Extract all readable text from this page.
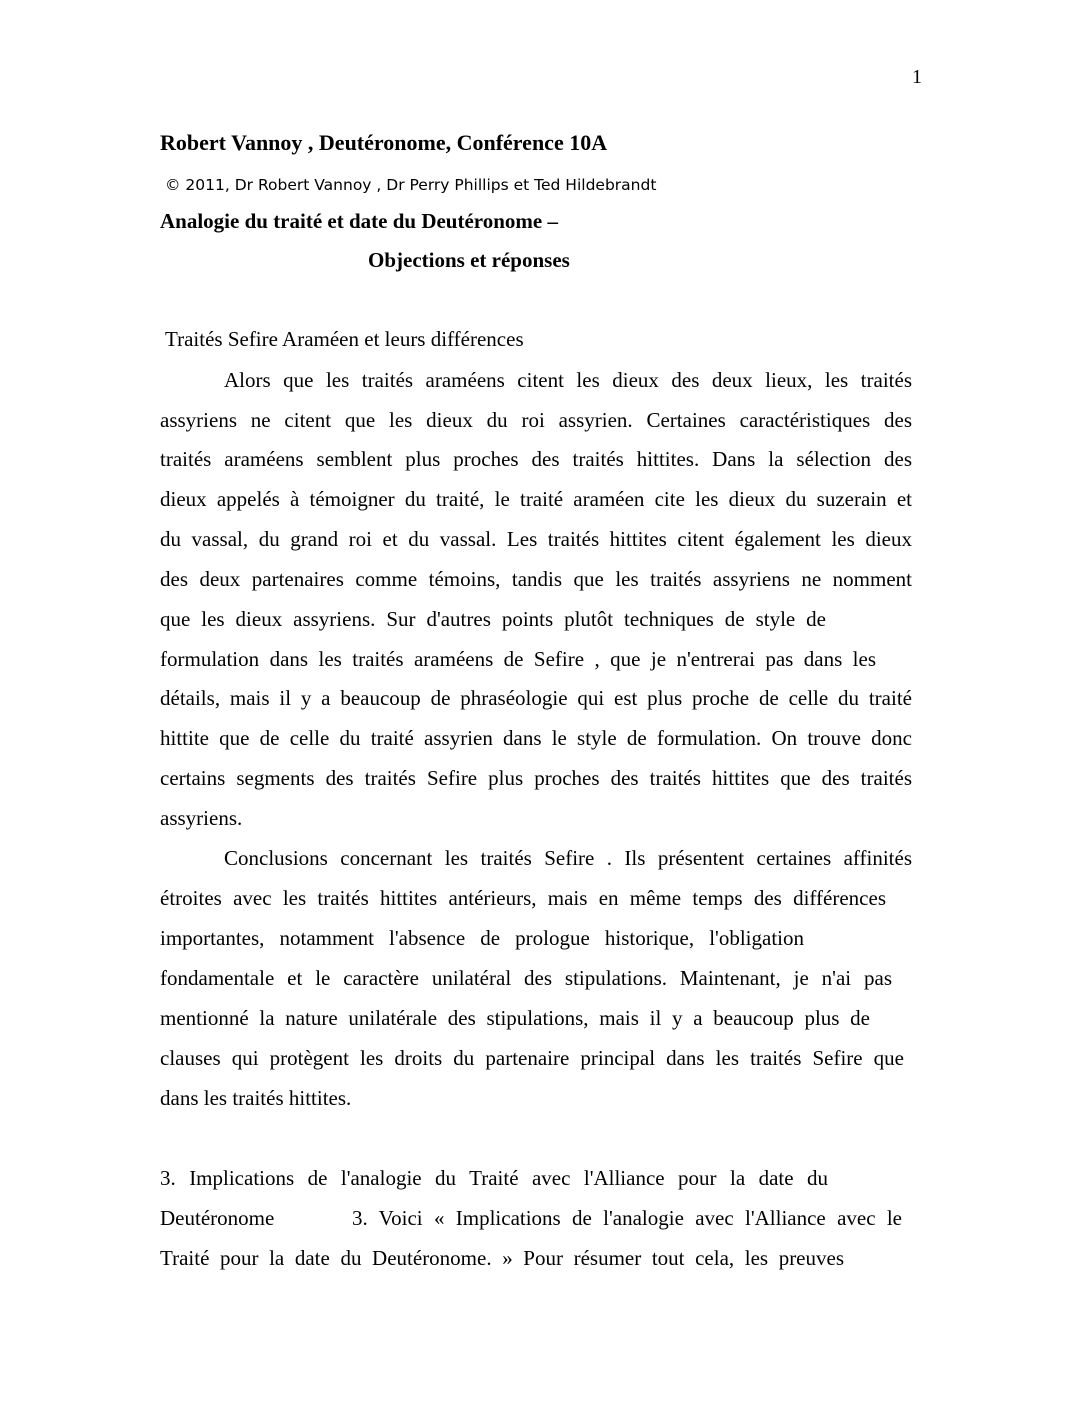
1
Robert Vannoy , Deutéronome, Conférence 10A
© 2011, Dr Robert Vannoy , Dr Perry Phillips et Ted Hildebrandt
Analogie du traité et date du Deutéronome –
Objections et réponses
Traités Sefire Araméen et leurs différences
Alors que les traités araméens citent les dieux des deux lieux, les traités
assyriens ne citent que les dieux du roi assyrien. Certaines caractéristiques des
traités araméens semblent plus proches des traités hittites. Dans la sélection des
dieux appelés à témoigner du traité, le traité araméen cite les dieux du suzerain et
du vassal, du grand roi et du vassal. Les traités hittites citent également les dieux
des deux partenaires comme témoins, tandis que les traités assyriens ne nomment
que les dieux assyriens. Sur d'autres points plutôt techniques de style de
formulation dans les traités araméens de Sefire , que je n'entrerai pas dans les
détails, mais il y a beaucoup de phraséologie qui est plus proche de celle du traité
hittite que de celle du traité assyrien dans le style de formulation. On trouve donc
certains segments des traités Sefire plus proches des traités hittites que des traités
assyriens.
Conclusions concernant les traités Sefire . Ils présentent certaines affinités
étroites avec les traités hittites antérieurs, mais en même temps des différences
importantes, notamment l'absence de prologue historique, l'obligation
fondamentale et le caractère unilatéral des stipulations. Maintenant, je n'ai pas
mentionné la nature unilatérale des stipulations, mais il y a beaucoup plus de
clauses qui protègent les droits du partenaire principal dans les traités Sefire que
dans les traités hittites.
3. Implications de l'analogie du Traité avec l'Alliance pour la date du
Deutéronome	3. Voici « Implications de l'analogie avec l'Alliance avec le
Traité pour la date du Deutéronome. » Pour résumer tout cela, les preuves
